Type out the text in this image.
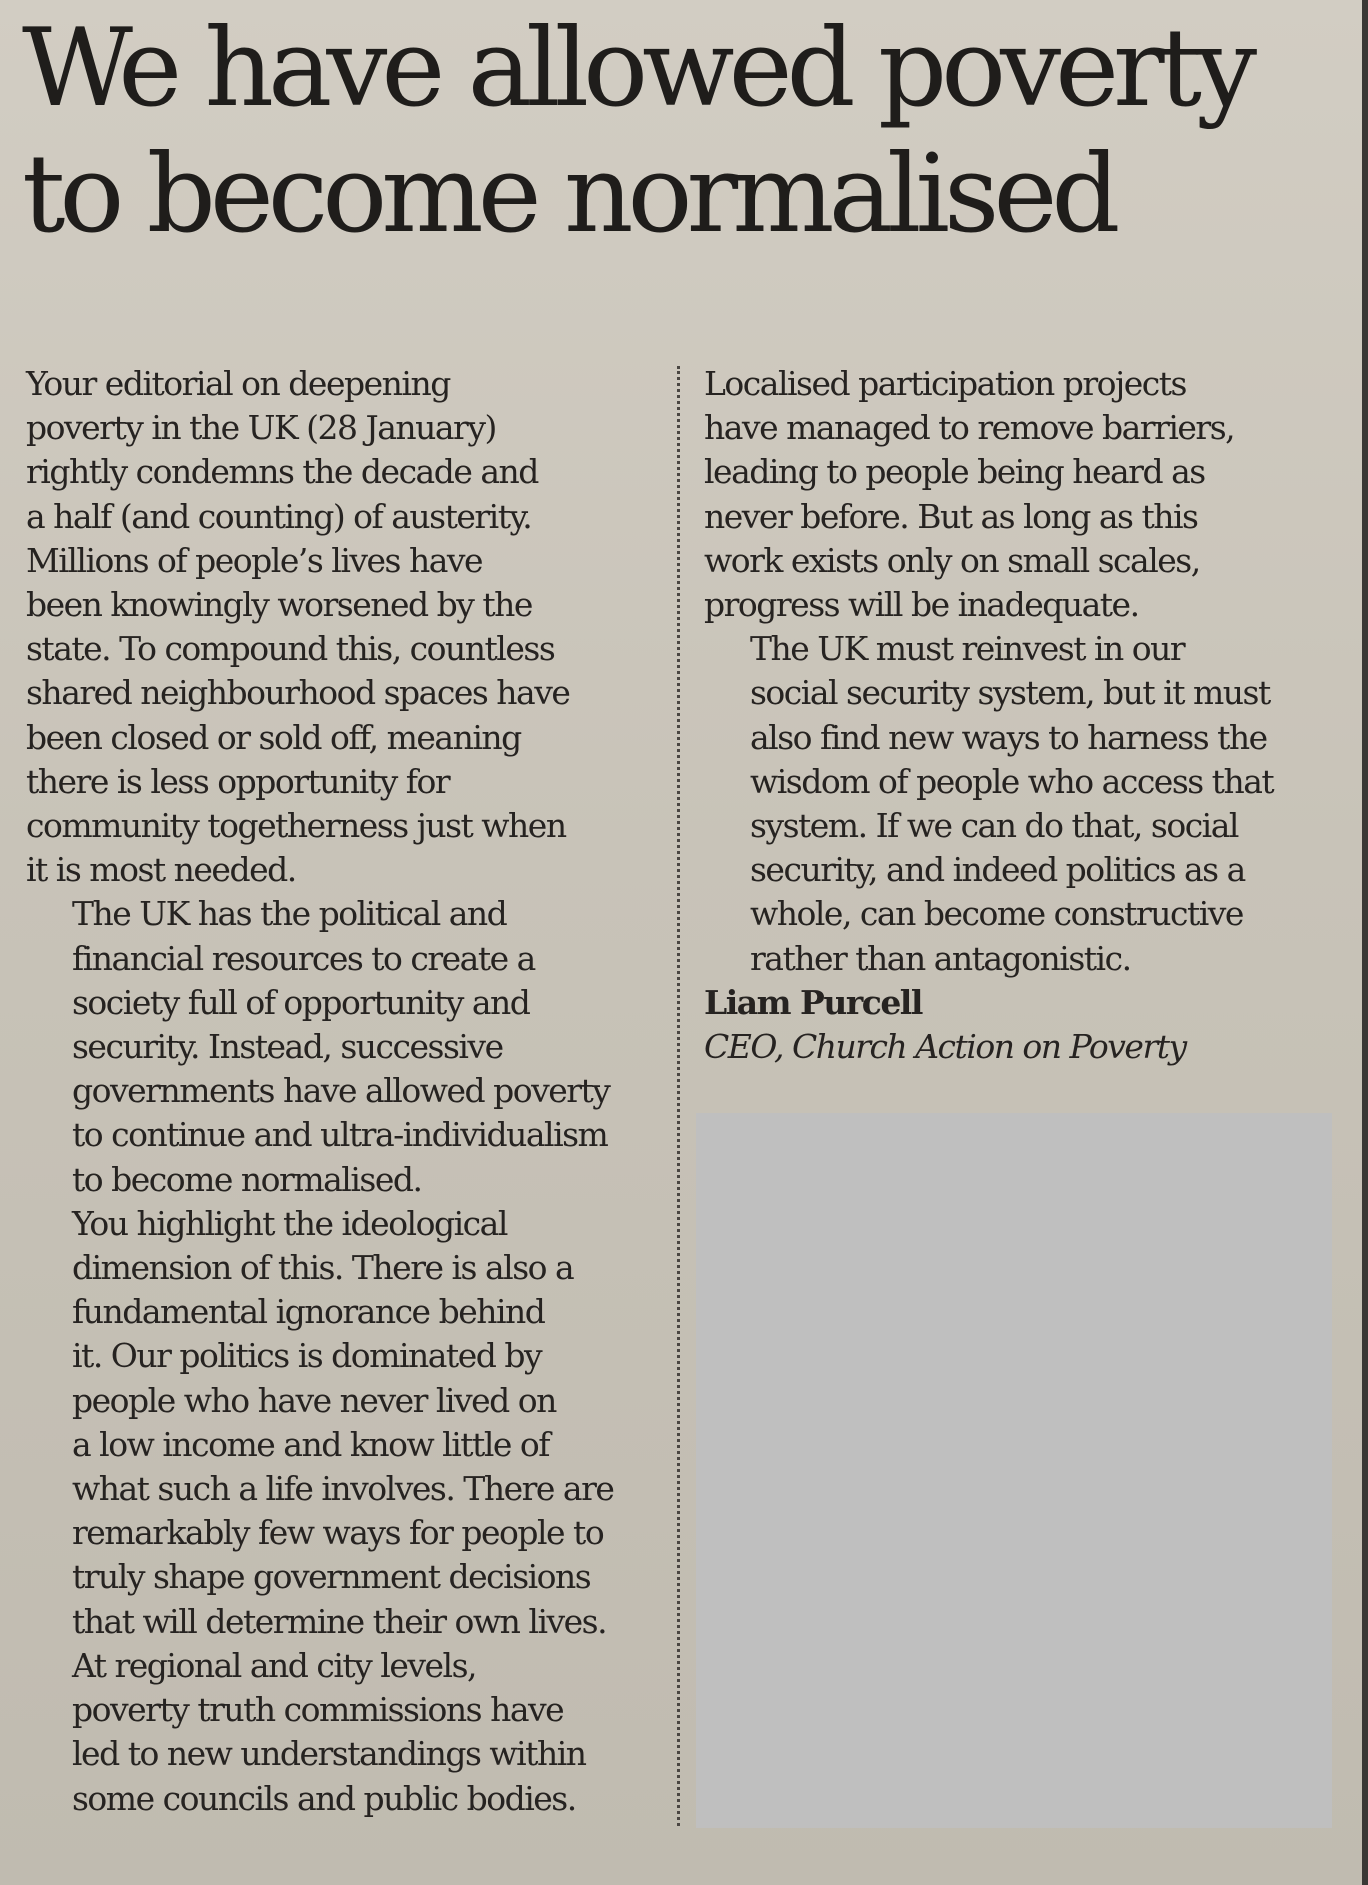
We have allowed poverty
to become normalised

Your editorial on deepening
poverty in the UK (28 January)
rightly condemns the decade and
a half (and counting) of austerity.
Millions of people’s lives have
been knowingly worsened by the
state. To compound this, countless
shared neighbourhood spaces have
been closed or sold off, meaning
there is less opportunity for
community togetherness just when
it is most needed.

The UK has the political and
financial resources to create a
society full of opportunity and
security. Instead, successive
governments have allowed poverty
to continue and ultra-individualism
to become normalised.

You highlight the ideological
dimension of this. There is also a
fundamental ignorance behind
it. Our politics is dominated by
people who have never lived on
a low income and know little of
what such a life involves. There are
remarkably few ways for people to
truly shape government decisions
that will determine their own lives.

At regional and city levels,
poverty truth commissions have
led to new understandings within
some councils and public bodies.

Localised participation projects
have managed to remove barriers,
leading to people being heard as
never before. But as long as this
work exists only on small scales,
progress will be inadequate.

The UK must reinvest in our
social security system, but it must
also find new ways to harness the
wisdom of people who access that
system. If we can do that, social
security, and indeed politics as a
whole, can become constructive
rather than antagonistic.

Liam Purcell
CEO, Church Action on Poverty
